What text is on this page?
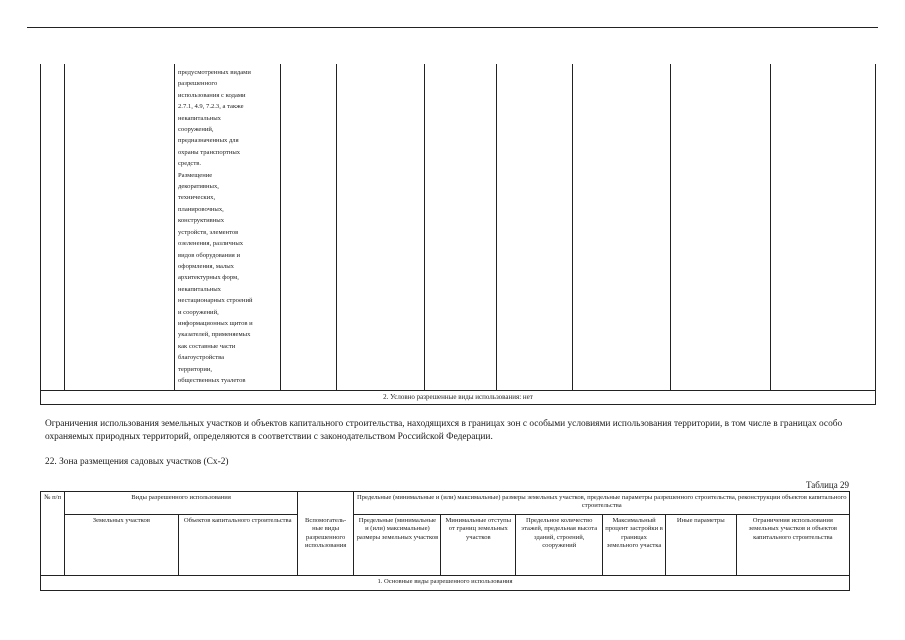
предусмотренных видами
разрешенного
использования с кодами
2.7.1, 4.9, 7.2.3, а также
некапитальных
сооружений,
предназначенных для
охраны транспортных
средств.
Размещение
декоративных,
технических,
планировочных,
конструктивных
устройств, элементов
озеленения, различных
видов оборудования и
оформления, малых
архитектурных форм,
некапитальных
нестационарных строений
и сооружений,
информационных щитов и
указателей, применяемых
как составные части
благоустройства
территории,
общественных туалетов
2. Условно разрешенные виды использования: нет
Ограничения использования земельных участков и объектов капитального строительства, находящихся в границах зон с особыми условиями использования территории, в том числе в границах особо охраняемых природных территорий, определяются в соответствии с законодательством Российской Федерации.
22. Зона размещения садовых участков (Сх-2)
Таблица 29
№ п/п	Виды разрешенного использования		Вспомогатель-ные виды разрешенного использования	Предельные (минимальные и (или) максимальные) размеры земельных участков, предельные параметры разрешенного строительства, реконструкции объектов капитального строительства					
	Земельных участков	Объектов капитального строительства		Предельные (минимальные и (или) максимальные) размеры земельных участков	Минимальные отступы от границ земельных участков	Предельное количество этажей, предельная высота зданий, строений, сооружений	Максимальный процент застройки в границах земельного участка	Иные параметры	Ограничения использования земельных участков и объектов капитального строительства
1. Основные виды разрешенного использования									
